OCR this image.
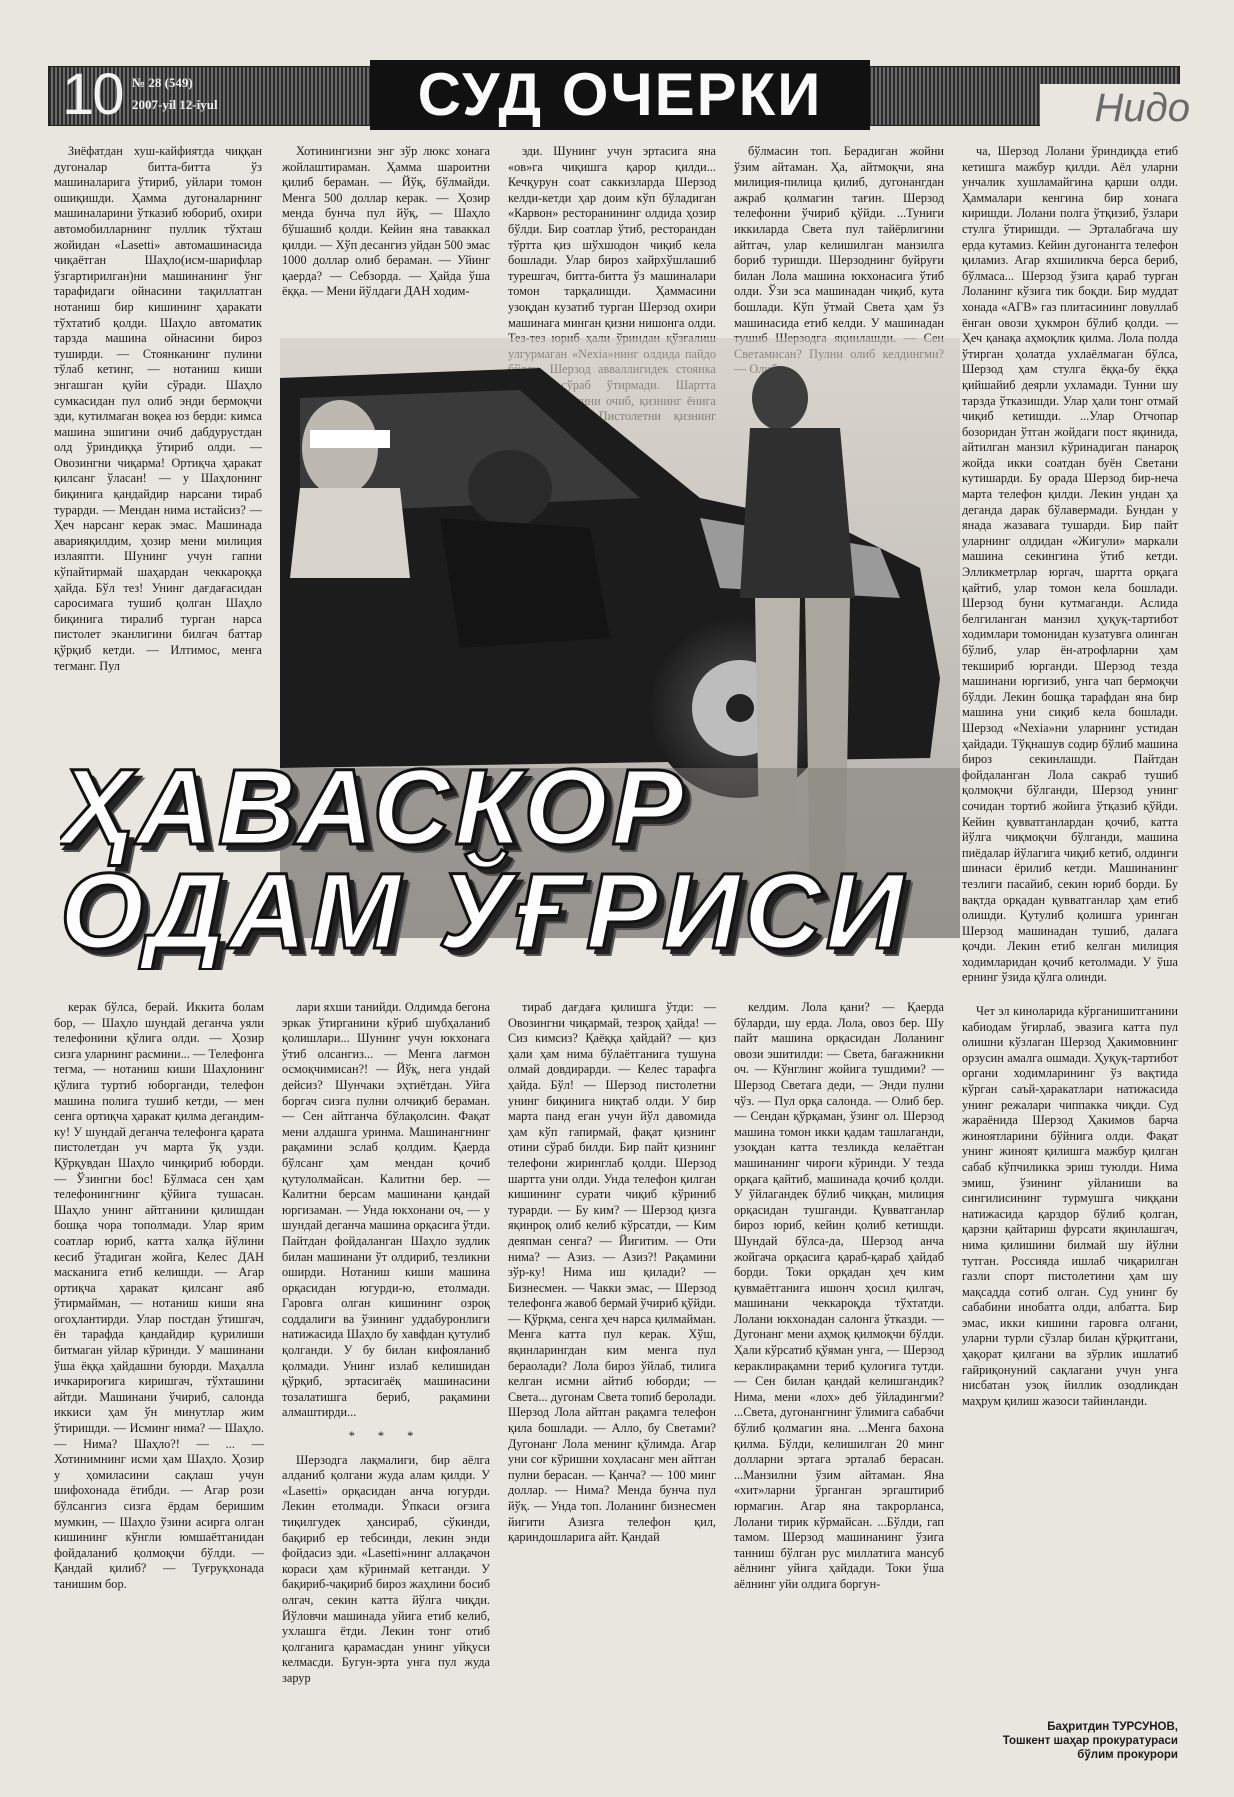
10 № 28 (549)
2007-yil 12-iyul	СУД ОЧЕРКИ	Нидо

Зиёфатдан хуш-кайфиятда чиққан дугоналар битта-битта ўз машиналарига ўтириб, уйлари томон ошиқишди. Ҳамма дугоналарнинг машиналарини ўтказиб юбориб, охири автомобилларнинг пуллик тўхташ жойидан «Lasetti» автомашинасида чиқаётган Шаҳло(исм-шарифлар ўзгартирилган)ни машинанинг ўнг тарафидаги ойнасини тақиллатган нотаниш бир кишининг ҳаракати тўхтатиб қолди. Шаҳло автоматик тарзда машина ойнасини бироз туширди. — Стоянканинг пулини тўлаб кетинг, — нотаниш киши энгашган қуйи сўради. Шаҳло сумкасидан пул олиб энди бермоқчи эди, кутилмаган воқеа юз берди: кимса машина эшигини очиб дабдурустдан олд ўриндиққа ўтириб олди. — Овозингни чиқарма! Ортиқча ҳаракат қилсанг ўласан! — у Шаҳлонинг биқинига қандайдир нарсани тираб турарди. — Мендан нима истайсиз? — Ҳеч нарсанг керак эмас. Машинада аварияқилдим, ҳозир мени милиция излаяпти. Шунинг учун гапни кўпайтирмай шаҳардан чеккароққа ҳайда. Бўл тез! Унинг дағдағасидан саросимага тушиб қолган Шаҳло биқинига тиралиб турган нарса пистолет эканлигини билгач баттар қўрқиб кетди. — Илтимос, менга тегманг. Пул

Хотинингизни энг зўр люкс хонага жойлаштираман. Ҳамма шароитни қилиб бераман. — Йўқ, бўлмайди. Менга 500 доллар керак. — Ҳозир менда бунча пул йўқ, — Шаҳло бўшашиб қолди. Кейин яна таваккал қилди. — Хўп десангиз уйдан 500 эмас 1000 доллар олиб бераман. — Уйинг қаерда? — Себзорда. — Ҳайда ўша ёққа. — Мени йўлдаги ДАН ходим-

эди. Шунинг учун эртасига яна «ов»га чиқишга қарор қилди... Кечқурун соат саккизларда Шерзод келди-кетди ҳар доим кўп бўладиган «Карвон» ресторанининг олдида ҳозир бўлди. Бир соатлар ўтиб, ресторандан тўртта қиз шўхшодон чиқиб кела бошлади. Улар бироз хайрхўшлашиб турешгач, битта-биттa ўз машиналари томон тарқалишди. Ҳаммасини узоқдан кузатиб турган Шерзод охири машинага минган қизни нишонга олди.

бўлмасин топ. Берадиган жойни ўзим айтаман. Ҳа, айтмоқчи, яна милиция-пилица қилиб, дугонангдан ажраб қолмагин тағин. Шерзод телефонни ўчириб қўйди. ...Туниги иккиларда Света пул тайёрлигини айтгач, улар келишилган манзилга бориб туришди. Шерзоднинг буйруғи билан Лола машина юкхонасига ўтиб олди. Ўзи эса машинадан чиқиб, кута бошлади. Кўп ўтмай Света ҳам ўз машинасида етиб келди. У машинадан

ча, Шерзод Лолани ўриндиқда етиб кетишга мажбур қилди. Аёл уларни унчалик хушламайгина қарши олди. Ҳаммалари кенгина бир хонага киришди. Лолани полга ўтқизиб, ўзлари стулга ўтиришди. — Эрталабгача шу ерда кутамиз. Кейин дугонангга телефон қиламиз. Агар яхшиликча берса бериб, бўлмаса... Шерзод ўзига қараб турган Лоланинг кўзига тик боқди. Бир муддат хонада «АГВ» газ плитасининг ловуллаб ёнган овози ҳукмрон бўлиб қолди. — Ҳеч қанақа аҳмоқлик қилма. Лола полда ўтирган ҳолатда ухлаёлмаган бўлса, Шерзод ҳам стулга ёққа-бу ёққа қийшайиб деярли ухламади. Тунни шу тарзда ўтказишди. Улар ҳали тонг отмай чиқиб кетишди. ...Улар Отчопар бозоридан ўтган жойдаги пост яқинида, айтилган манзил кўринадиган панароқ жойда икки соатдан буён Светани кутишарди. Бу орада Шерзод бир-неча марта телефон қилди. Лекин ундан ҳа деганда дарак бўлавермади. Бундан у янада жазавага тушарди. Бир пайт уларнинг олдидан «Жигули» маркали машина секингина ўтиб кетди. Элликметрлар юргач, шартта орқага қайтиб, улар томон кела бошлади. Шерзод буни кутмаганди. Аслида белгиланган манзил ҳуқуқ-тартибот ходимлари томонидан кузатувга олинган бўлиб, улар ён-атрофларни ҳам текшириб юрганди. Шерзод тезда машинани юргизиб, унга чап бермоқчи бўлди. Лекин бошқа тарафдан яна бир машина уни сиқиб кела бошлади. Шерзод «Nexia»ни уларнинг устидан ҳайдади. Тўқнашув содир бўлиб машина бироз секинлашди. Пайтдан фойдаланган Лола сакраб тушиб қолмоқчи бўлганди, Шерзод унинг сочидан тортиб жойига ўтқазиб қўйди. Кейин қувватганлардан қочиб, катта йўлга чиқмоқчи бўлганди, машина пиёдалар йўлагига чиқиб кетиб, олдинги шинаси ёрилиб кетди. Машинанинг тезлиги пасайиб, секин юриб борди. Бу вақтда орқадан қувватганлар ҳам етиб олишди. Қутулиб қолишга уринган Шерзод машинадан тушиб, далага қочди. Лекин етиб келган милиция ходимларидан қочиб кетолмади. У ўша ернинг ўзида қўлга олинди.

ҲАВАСКОР
ОДАМ ЎҒРИСИ

керак бўлса, берай. Иккита болам бор, — Шаҳло шундай деганча уяли телефонини қўлига олди. — Ҳозир сизга уларнинг расмини... — Телефонга тегма, — нотаниш киши Шаҳлонинг қўлига туртиб юборганди, телефон машина полига тушиб кетди, — мен сенга ортиқча ҳаракат қилма дегандим-ку! У шундай деганча телефонга қарата пистолетдан уч марта ўқ узди. Қўрқувдан Шаҳло чинқириб юборди. — Ўзингни бос! Бўлмаса сен ҳам телефонингнинг қўйига тушасан. Шаҳло унинг айтганини қилишдан бошқа чора тополмади. Улар ярим соатлар юриб, катта халқа йўлини кесиб ўтадиган жойга, Келес ДАН масканига етиб келишди. — Агар ортиқча ҳаракат қилсанг аяб ўтирмайман, — нотаниш киши яна огоҳлантирди. Улар постдан ўтишгач, ён тарафда қандайдир қурилиши битмаган уйлар кўринди. У машинани ўша ёққа ҳайдашни буюрди. Маҳалла ичкарироғига киришгач, тўхташини айтди. Машинани ўчириб, салонда иккиси ҳам ўн минутлар жим ўтиришди. — Исминг нима? — Шаҳло. — Нима? Шаҳло?! — ... — Хотинимнинг исми ҳам Шаҳло. Ҳозир у ҳомиласини сақлаш учун шифохонада ётибди. — Агар рози бўлсангиз сизга ёрдам беришим мумкин, — Шаҳло ўзини асирга олган кишининг кўнгли юмшаётганидан фойдаланиб қолмоқчи бўлди. — Қандай қилиб? — Туғруқхонада танишим бор.

лари яхши танийди. Олдимда бегона эркак ўтирганини кўриб шубҳаланиб қолишлари... Шунинг учун юкхонага ўтиб олсангиз... — Менга лағмон осмоқчимисан?! — Йўқ, нега ундай дейсиз? Шунчаки эҳтиётдан. Уйга боргач сизга пулни олчиқиб бераман. — Сен айтганча бўлақолсин. Фақат мени алдашга уринма. Машинангнинг рақамини эслаб қолдим. Қаерда бўлсанг ҳам мендан қочиб қутулолмайсан. Калитни бер. — Калитни берсам машинани қандай юргизаман. — Унда юкхонани оч, — у шундай деганча машина орқасига ўтди. Пайтдан фойдаланган Шаҳло зудлик билан машинани ўт олдириб, тезликни оширди. Нотаниш киши машина орқасидан югурди-ю, етолмади. Гаровга олган кишининг озроқ соддалиги ва ўзининг уддабуронлиги натижасида Шаҳло бу хавфдан қутулиб қолганди. У бу билан кифояланиб қолмади. Унинг излаб келишидан қўрқиб, эртасигаёқ машинасини тозалатишга бериб, рақамини алмаштирди...

* * *

Шерзодга лақмалиги, бир аёлга алданиб қолгани жуда алам қилди. У «Lasetti» орқасидан анча югурди. Лекин етолмади. Ўпкаси оғзига тиқилгудек ҳансираб, сўкинди, бақириб ер тебсинди, лекин энди фойдасиз эди. «Lasetti»нинг аллақачон кораси ҳам кўринмай кетганди. У бақириб-чақириб бироз жаҳлини босиб олгач, секин катта йўлга чиқди. Йўловчи машинада уйига етиб келиб, ухлашга ётди. Лекин тонг отиб қолганига қарамасдан унинг уйқуси келмасди. Бугун-эрта унга пул жуда зарур

тираб дағдаға қилишга ўтди: — Овозингни чиқармай, тезроқ ҳайда! — Сиз кимсиз? Қаёққа ҳайдай? — қиз ҳали ҳам нима бўлаётганига тушуна олмай довдирарди. — Келес тарафга ҳайда. Бўл! — Шерзод пистолетни унинг биқинига ниқтаб олди. У бир марта панд еган учун йўл давомида ҳам кўп гапирмай, фақат қизнинг отини сўраб билди. Бир пайт қизнинг телефони жиринглаб қолди. Шерзод шартта уни олди. Унда телефон қилган кишининг сурати чиқиб кўриниб турарди. — Бу ким? — Шерзод қизга яқинроқ олиб келиб кўрсатди, — Ким деяпман сенга? — Йигитим. — Оти нима? — Азиз. — Азиз?! Рақамини зўр-ку! Нима иш қилади? — Бизнесмен. — Чакки эмас, — Шерзод телефонга жавоб бермай ўчириб қўйди. — Қўрқма, сенга ҳеч нарса қилмайман. Менга катта пул керак. Хўш, яқинларингдан ким менга пул берaолади? Лола бироз ўйлаб, тилига келган исмни айтиб юборди; — Света... дугонам Света топиб беролади. Шерзод Лола айтган рақамга телефон қила бошлади. — Алло, бу Светами? Дугонанг Лола менинг қўлимда. Агар уни соғ кўришни хоҳласанг мен айтган пулни берасан. — Қанча? — 100 минг доллар. — Нима? Менда бунча пул йўқ. — Унда топ. Лоланинг бизнесмен йигити Азизга телефон қил, қариндошларига айт. Қандай

келдим. Лола қани? — Қаерда бўларди, шу ерда. Лола, овоз бер. Шу пайт машина орқасидан Лоланинг овози эшитилди: — Света, бағажникни оч. — Кўнглинг жойига тушдими? — Шерзод Светага деди, — Энди пулни чўз. — Пул орқа салонда. — Олиб бер. — Сендан қўрқаман, ўзинг ол. Шерзод машина томон икки қадам ташлаганди, узоқдан катта тезликда келаётган машинанинг чироғи кўринди. У тезда орқага қайтиб, машинада қочиб қолди. У ўйлагандек бўлиб чиққан, милиция орқасидан тушганди. Қувватганлар бироз юриб, кейин қолиб кетишди. Шундай бўлса-да, Шерзод анча жойгача орқасига қараб-қараб ҳайдаб борди. Токи орқадан ҳеч ким қувмаётганига ишонч ҳосил қилгач, машинани чеккароқда тўхтатди. Лолани юкхонадан салонга ўтказди. — Дугонанг мени аҳмоқ қилмоқчи бўлди. Ҳали кўрсатиб қўяман унга, — Шерзод кераклирақамни териб қулоғига тутди. — Сен билан қандай келишгандик? Нима, мени «лох» деб ўйладингми? ...Света, дугонангнинг ўлимига сабабчи бўлиб қолмагин яна. ...Менга бахона қилма. Бўлди, келишилган 20 минг долларни эртага эрталаб берасан. ...Манзилни ўзим айтаман. Яна «хит»ларни ўрганган эргаштириб юрмагин. Агар яна такрорланса, Лолани тирик кўрмайсан. ...Бўлди, гап тамом. Шерзод машинанинг ўзига танниш бўлган рус миллатига мансуб аёлнинг уйига ҳайдади. Токи ўша аёлнинг уйи олдига боргун-

Чет эл киноларида кўрганишитганини кабиодам ўғирлаб, эвазига катта пул олишни кўзлаган Шерзод Ҳакимовнинг орзусин амалга ошмади. Ҳуқуқ-тартибот органи ходимларининг ўз вақтида кўрган саъй-ҳаракатлари натижасида унинг режалари чиппакка чиқди. Суд жараёнида Шерзод Ҳакимов барча жиноятларини бўйнига олди. Фақат унинг жиноят қилишга мажбур қилган сабаб кўпчиликка эриш туюлди. Нима эмиш, ўзининг уйланиши ва сингилисининг турмушга чиққани натижасида қарздор бўлиб қолган, қарзни қайтариш фурсати яқинлашгач, нима қилишини билмай шу йўлни тутган. Россияда ишлаб чиқарилган газли спорт пистолетини ҳам шу мақсадда сотиб олган. Суд унинг бу сабабини инобатга олди, албатта. Бир эмас, икки кишини гаровга олгани, уларни турли сўзлар билан қўрқитгани, ҳақорат қилгани ва зўрлик ишлатиб ғайриқонуний сақлагани учун унга нисбатан узоқ йиллик озодликдан маҳрум қилиш жазоси тайинланди.

Баҳритдин ТУРСУНОВ,
Тошкент шаҳар прокуратураси
бўлим прокурори
